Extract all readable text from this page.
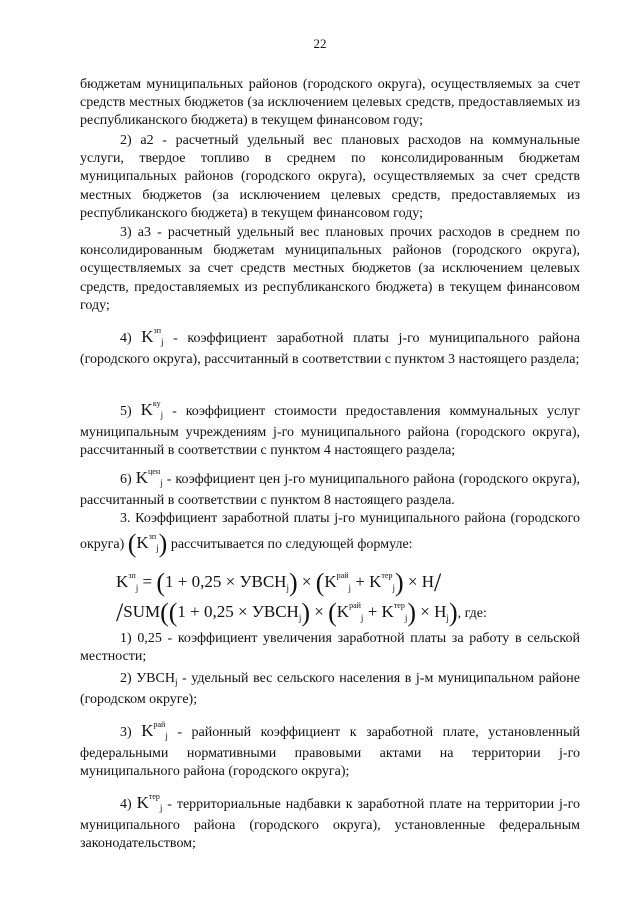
22
бюджетам муниципальных районов (городского округа), осуществляемых за счет средств местных бюджетов (за исключением целевых средств, предоставляемых из республиканского бюджета) в текущем финансовом году;
2) а2 - расчетный удельный вес плановых расходов на коммунальные услуги, твердое топливо в среднем по консолидированным бюджетам муниципальных районов (городского округа), осуществляемых за счет средств местных бюджетов (за исключением целевых средств, предоставляемых из республиканского бюджета) в текущем финансовом году;
3) а3 - расчетный удельный вес плановых прочих расходов в среднем по консолидированным бюджетам муниципальных районов (городского округа), осуществляемых за счет средств местных бюджетов (за исключением целевых средств, предоставляемых из республиканского бюджета) в текущем финансовом году;
4) $K^{зп}_j$ - коэффициент заработной платы j-го муниципального района (городского округа), рассчитанный в соответствии с пунктом 3 настоящего раздела;
5) $K^{ку}_j$ - коэффициент стоимости предоставления коммунальных услуг муниципальным учреждениям j-го муниципального района (городского округа), рассчитанный в соответствии с пунктом 4 настоящего раздела;
6) $K^{цен}_j$ - коэффициент цен j-го муниципального района (городского округа), рассчитанный в соответствии с пунктом 8 настоящего раздела.
3. Коэффициент заработной платы j-го муниципального района (городского округа) $(K^{зп}_j)$ рассчитывается по следующей формуле:
$K^{зп}_j = (1 + 0,25$ × $УВСН_j) \times (K^{рай}_j + K^{тер}_j) \times H/$
$/SUM((1 + 0,25 \times УВСН_j) \times (K^{рай}_j + K^{тер}_j) \times H_j)$, где:
1) 0,25 - коэффициент увеличения заработной платы за работу в сельской местности;
2) $УВСН_j$ - удельный вес сельского населения в j-м муниципальном районе (городском округе);
3) $K^{рай}_j$ - районный коэффициент к заработной плате, установленный федеральными нормативными правовыми актами на территории j-го муниципального района (городского округа);
4) $K^{тер}_j$ - территориальные надбавки к заработной плате на территории j-го муниципального района (городского округа), установленные федеральным законодательством;
